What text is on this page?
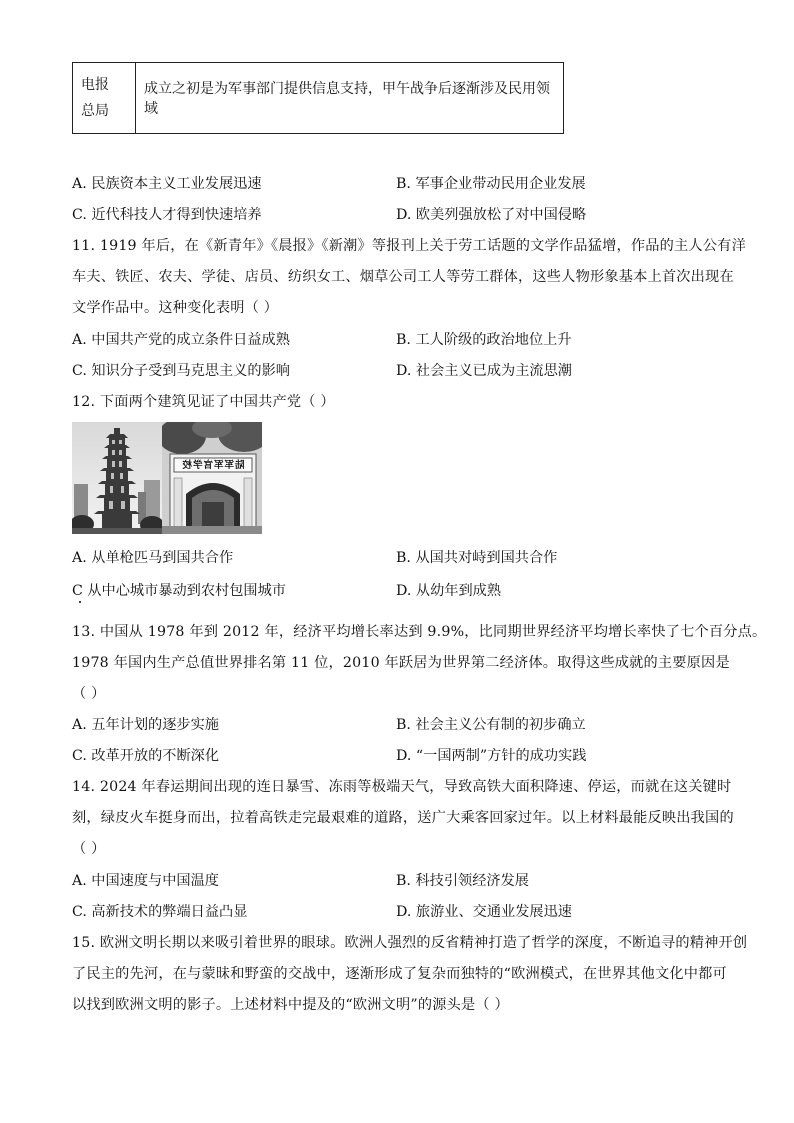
电报
总局
	成立之初是为军事部门提供信息支持，甲午战争后逐渐涉及民用领域
A. 民族资本主义工业发展迅速	B. 军事企业带动民用企业发展
C. 近代科技人才得到快速培养	D. 欧美列强放松了对中国侵略
11. 1919 年后，在《新青年》《晨报》《新潮》等报刊上关于劳工话题的文学作品猛增，作品的主人公有洋
车夫、铁匠、农夫、学徒、店员、纺织女工、烟草公司工人等劳工群体，这些人物形象基本上首次出现在
文学作品中。这种变化表明（ ）
A. 中国共产党的成立条件日益成熟	B. 工人阶级的政治地位上升
C. 知识分子受到马克思主义的影响	D. 社会主义已成为主流思潮
12. 下面两个建筑见证了中国共产党（ ）
陆军军官学校
A. 从单枪匹马到国共合作	B. 从国共对峙到国共合作
C 从中心城市暴动到农村包围城市	D. 从幼年到成熟
13. 中国从 1978 年到 2012 年，经济平均增长率达到 9.9%，比同期世界经济平均增长率快了七个百分点。
1978 年国内生产总值世界排名第 11 位，2010 年跃居为世界第二经济体。取得这些成就的主要原因是
（ ）
A. 五年计划的逐步实施	B. 社会主义公有制的初步确立
C. 改革开放的不断深化	D. “一国两制”方针的成功实践
14. 2024 年春运期间出现的连日暴雪、冻雨等极端天气，导致高铁大面积降速、停运，而就在这关键时
刻，绿皮火车挺身而出，拉着高铁走完最艰难的道路，送广大乘客回家过年。以上材料最能反映出我国的
（ ）
A. 中国速度与中国温度	B. 科技引领经济发展
C. 高新技术的弊端日益凸显	D. 旅游业、交通业发展迅速
15. 欧洲文明长期以来吸引着世界的眼球。欧洲人强烈的反省精神打造了哲学的深度，不断追寻的精神开创
了民主的先河，在与蒙昧和野蛮的交战中，逐渐形成了复杂而独特的“欧洲模式，在世界其他文化中都可
以找到欧洲文明的影子。上述材料中提及的“欧洲文明”的源头是（ ）
